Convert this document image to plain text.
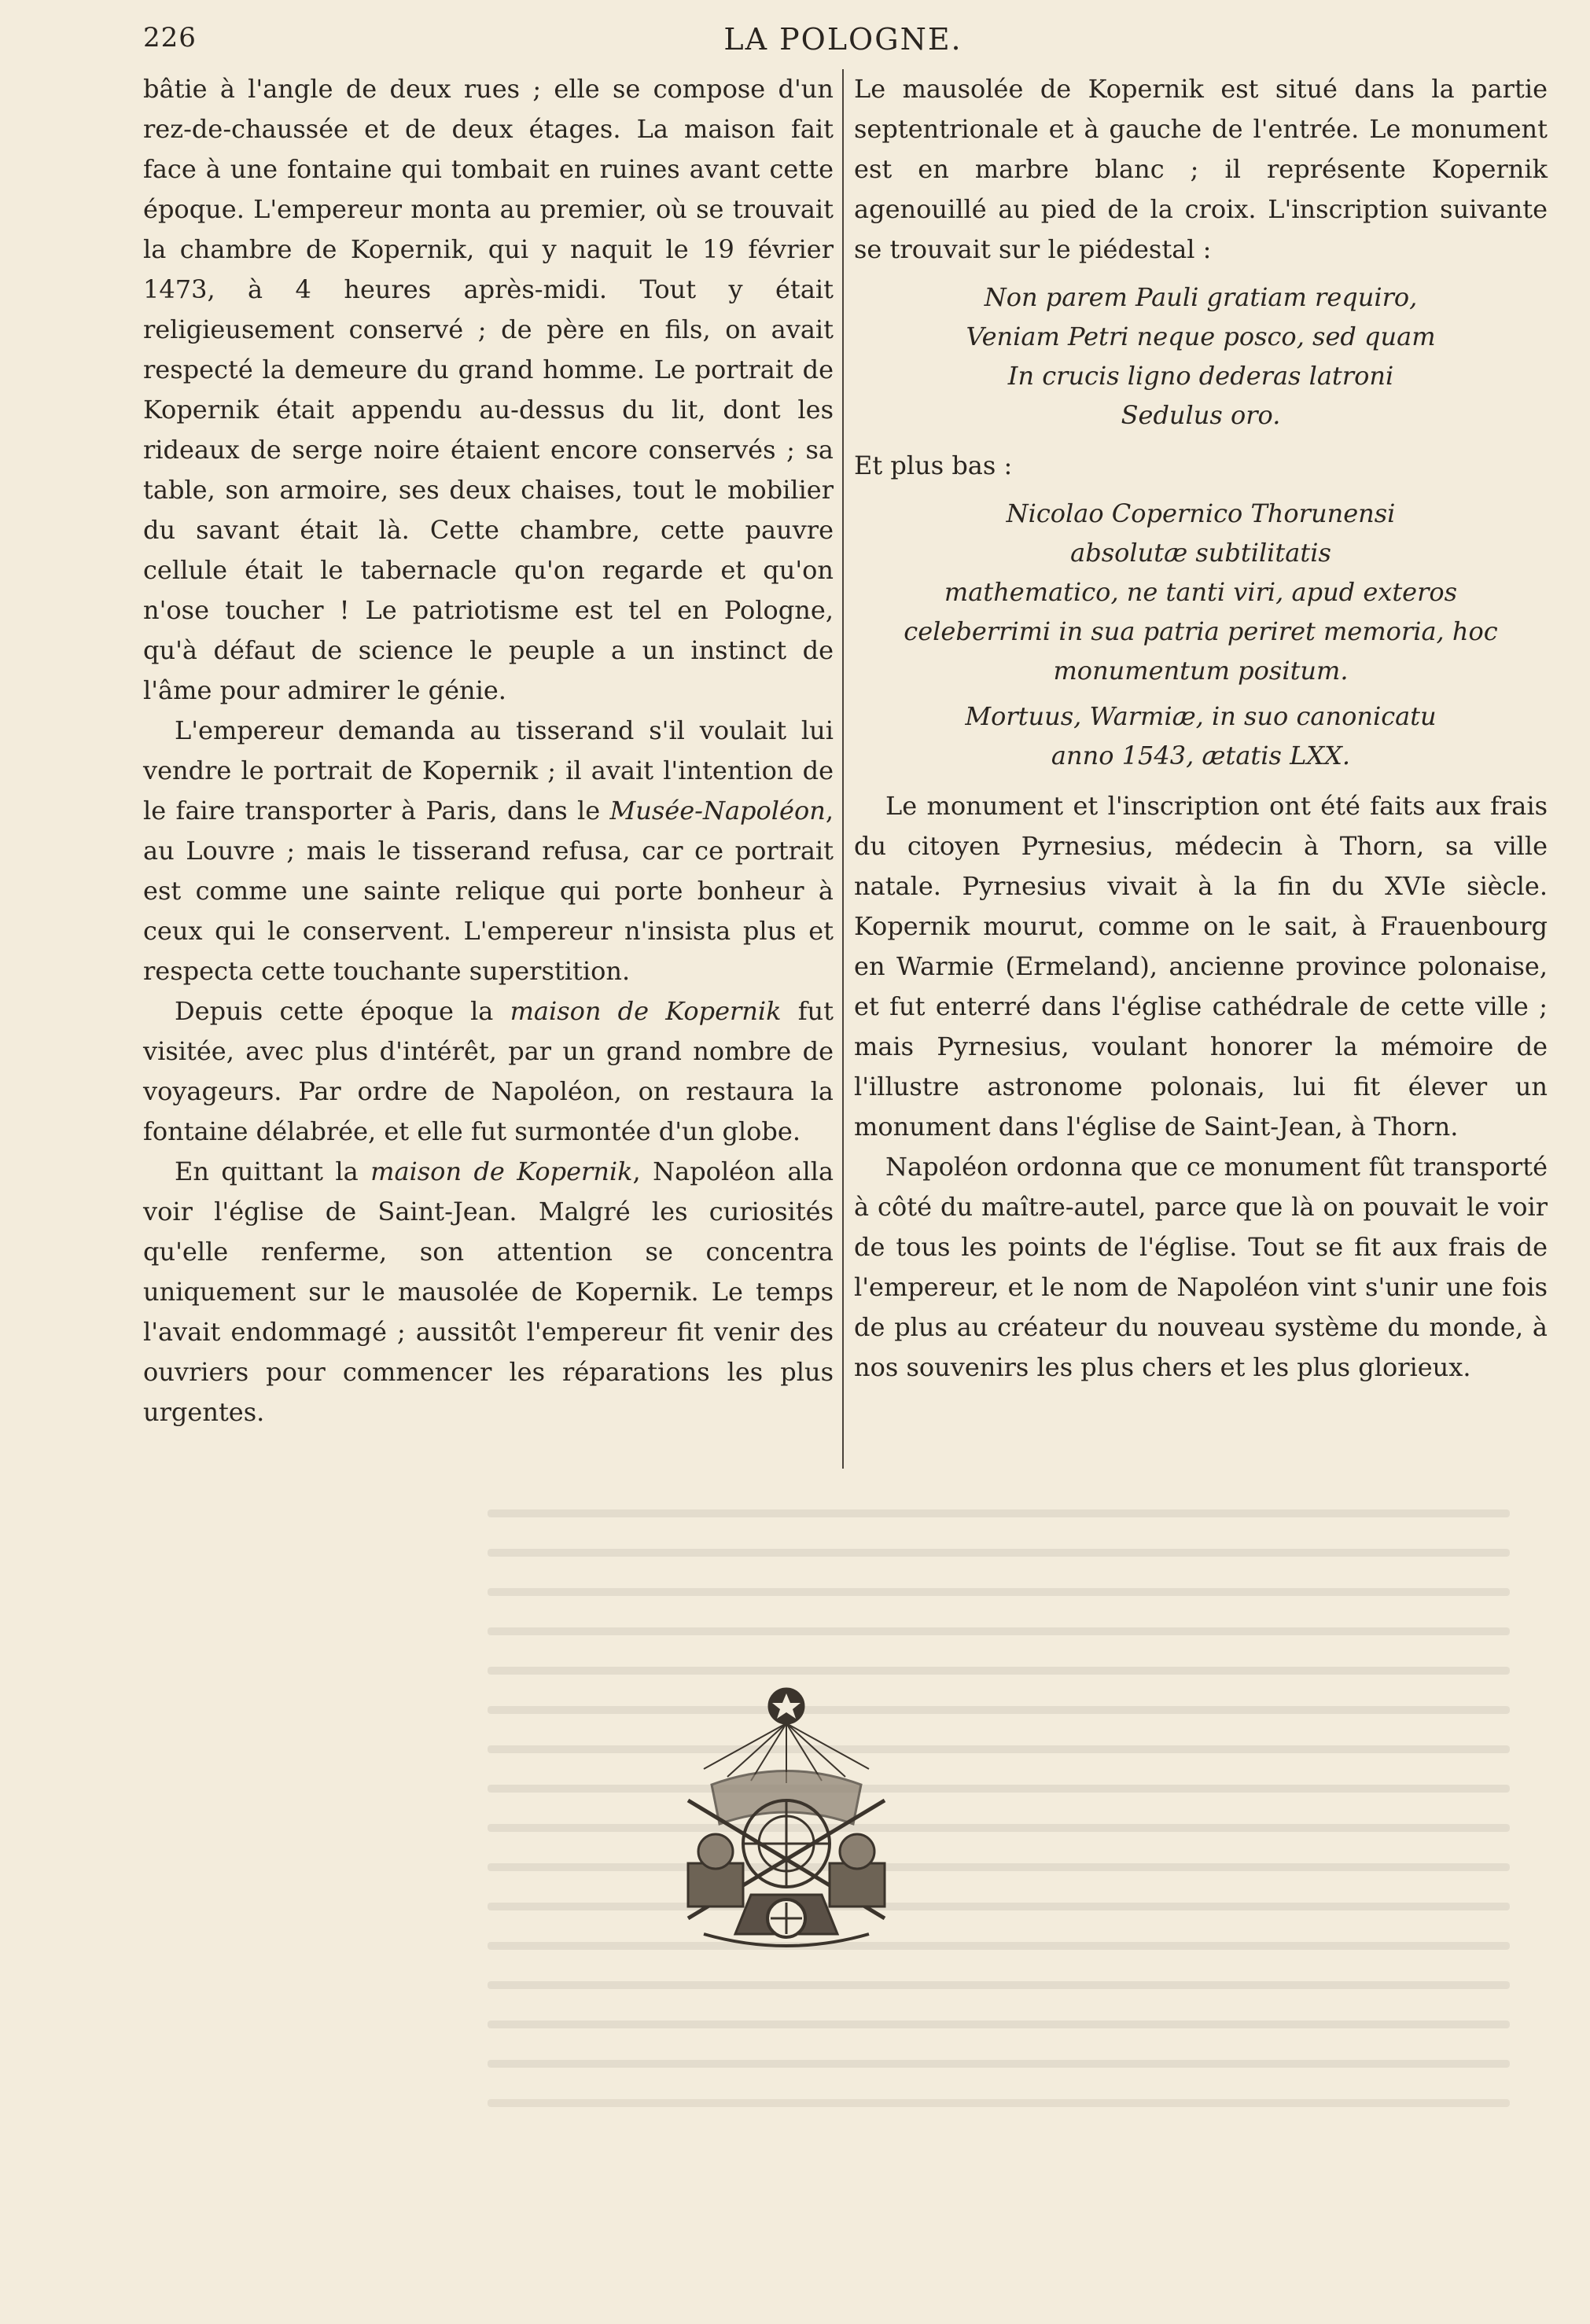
226	LA POLOGNE.

bâtie à l'angle de deux rues ; elle se compose d'un rez-de-chaussée et de deux étages. La maison fait face à une fontaine qui tombait en ruines avant cette époque. L'empereur monta au premier, où se trouvait la chambre de Kopernik, qui y naquit le 19 février 1473, à 4 heures après-midi. Tout y était religieusement conservé ; de père en fils, on avait respecté la demeure du grand homme. Le portrait de Kopernik était appendu au-dessus du lit, dont les rideaux de serge noire étaient encore conservés ; sa table, son armoire, ses deux chaises, tout le mobilier du savant était là. Cette chambre, cette pauvre cellule était le tabernacle qu'on regarde et qu'on n'ose toucher ! Le patriotisme est tel en Pologne, qu'à défaut de science le peuple a un instinct de l'âme pour admirer le génie.

L'empereur demanda au tisserand s'il voulait lui vendre le portrait de Kopernik ; il avait l'intention de le faire transporter à Paris, dans le Musée-Napoléon, au Louvre ; mais le tisserand refusa, car ce portrait est comme une sainte relique qui porte bonheur à ceux qui le conservent. L'empereur n'insista plus et respecta cette touchante superstition.

Depuis cette époque la maison de Kopernik fut visitée, avec plus d'intérêt, par un grand nombre de voyageurs. Par ordre de Napoléon, on restaura la fontaine délabrée, et elle fut surmontée d'un globe.

En quittant la maison de Kopernik, Napoléon alla voir l'église de Saint-Jean. Malgré les curiosités qu'elle renferme, son attention se concentra uniquement sur le mausolée de Kopernik. Le temps l'avait endommagé ; aussitôt l'empereur fit venir des ouvriers pour commencer les réparations les plus urgentes.

Le mausolée de Kopernik est situé dans la partie septentrionale et à gauche de l'entrée. Le monument est en marbre blanc ; il représente Kopernik agenouillé au pied de la croix. L'inscription suivante se trouvait sur le piédestal :

Non parem Pauli gratiam requiro,
Veniam Petri neque posco, sed quam
In crucis ligno dederas latroni
Sedulus oro.

Et plus bas :

Nicolao Copernico Thorunensi
absolutæ subtilitatis
mathematico, ne tanti viri, apud exteros
celeberrimi in sua patria periret memoria, hoc
monumentum positum.
Mortuus, Warmiæ, in suo canonicatu
anno 1543, ætatis LXX.

Le monument et l'inscription ont été faits aux frais du citoyen Pyrnesius, médecin à Thorn, sa ville natale. Pyrnesius vivait à la fin du XVIe siècle. Kopernik mourut, comme on le sait, à Frauenbourg en Warmie (Ermeland), ancienne province polonaise, et fut enterré dans l'église cathédrale de cette ville ; mais Pyrnesius, voulant honorer la mémoire de l'illustre astronome polonais, lui fit élever un monument dans l'église de Saint-Jean, à Thorn.

Napoléon ordonna que ce monument fût transporté à côté du maître-autel, parce que là on pouvait le voir de tous les points de l'église. Tout se fit aux frais de l'empereur, et le nom de Napoléon vint s'unir une fois de plus au créateur du nouveau système du monde, à nos souvenirs les plus chers et les plus glorieux.
